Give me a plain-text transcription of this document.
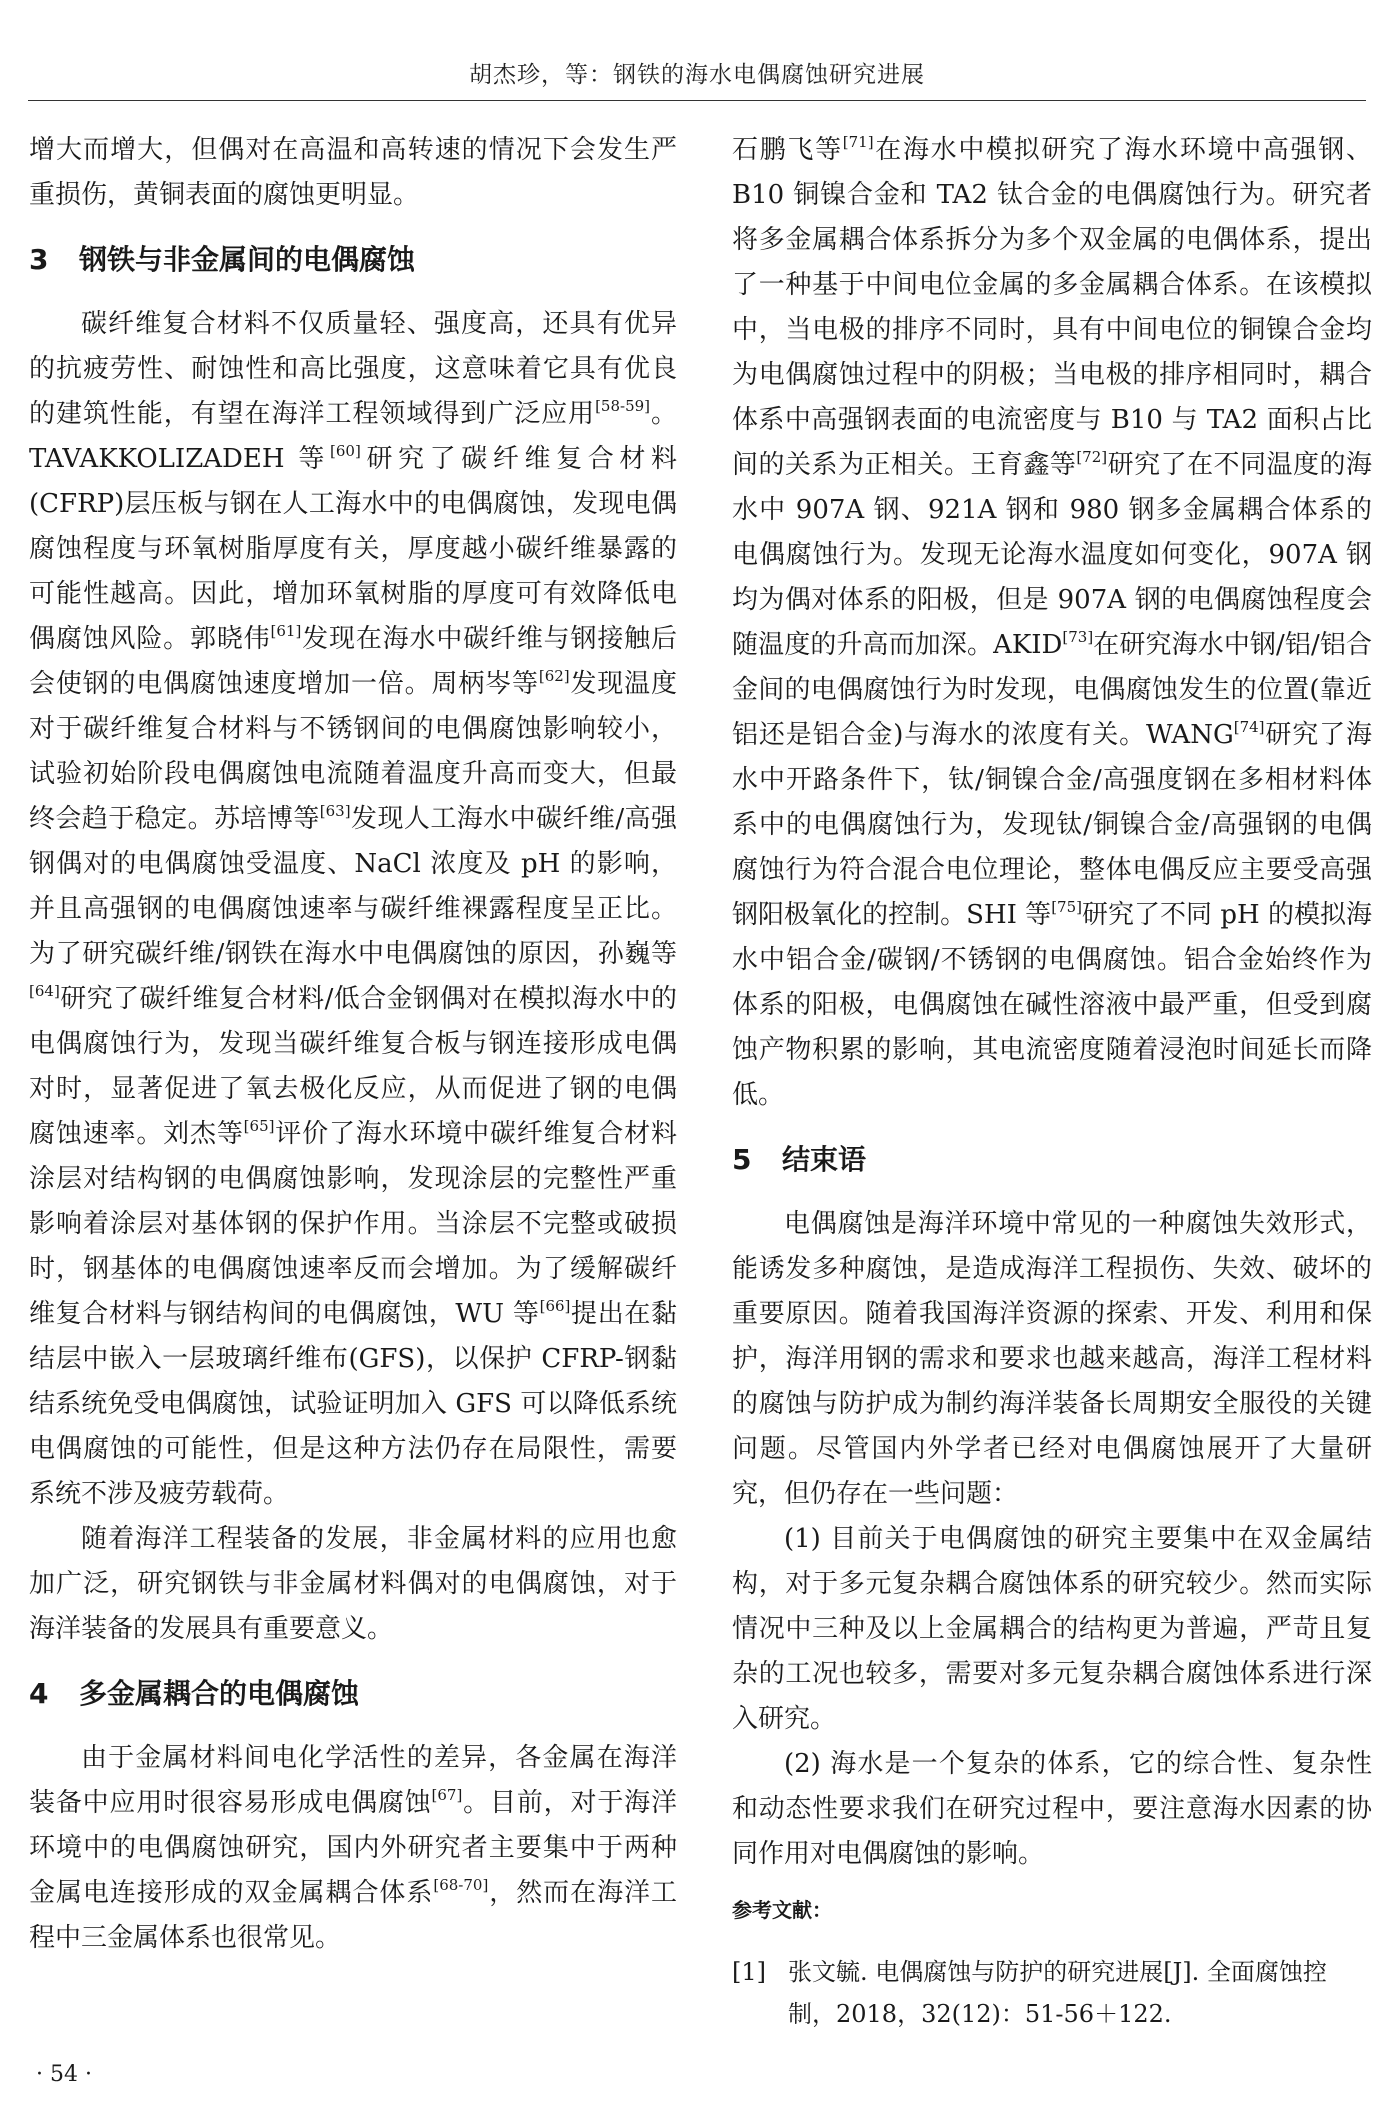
胡杰珍，等：钢铁的海水电偶腐蚀研究进展

增大而增大，但偶对在高温和高转速的情况下会发生严重损伤，黄铜表面的腐蚀更明显。

3 钢铁与非金属间的电偶腐蚀

碳纤维复合材料不仅质量轻、强度高，还具有优异的抗疲劳性、耐蚀性和高比强度，这意味着它具有优良的建筑性能，有望在海洋工程领域得到广泛应用[58-59]。TAVAKKOLIZADEH 等[60]研究了碳纤维复合材料(CFRP)层压板与钢在人工海水中的电偶腐蚀，发现电偶腐蚀程度与环氧树脂厚度有关，厚度越小碳纤维暴露的可能性越高。因此，增加环氧树脂的厚度可有效降低电偶腐蚀风险。郭晓伟[61]发现在海水中碳纤维与钢接触后会使钢的电偶腐蚀速度增加一倍。周柄岑等[62]发现温度对于碳纤维复合材料与不锈钢间的电偶腐蚀影响较小，试验初始阶段电偶腐蚀电流随着温度升高而变大，但最终会趋于稳定。苏培博等[63]发现人工海水中碳纤维/高强钢偶对的电偶腐蚀受温度、NaCl 浓度及 pH 的影响，并且高强钢的电偶腐蚀速率与碳纤维裸露程度呈正比。为了研究碳纤维/钢铁在海水中电偶腐蚀的原因，孙巍等[64]研究了碳纤维复合材料/低合金钢偶对在模拟海水中的电偶腐蚀行为，发现当碳纤维复合板与钢连接形成电偶对时，显著促进了氧去极化反应，从而促进了钢的电偶腐蚀速率。刘杰等[65]评价了海水环境中碳纤维复合材料涂层对结构钢的电偶腐蚀影响，发现涂层的完整性严重影响着涂层对基体钢的保护作用。当涂层不完整或破损时，钢基体的电偶腐蚀速率反而会增加。为了缓解碳纤维复合材料与钢结构间的电偶腐蚀，WU 等[66]提出在黏结层中嵌入一层玻璃纤维布(GFS)，以保护 CFRP-钢黏结系统免受电偶腐蚀，试验证明加入 GFS 可以降低系统电偶腐蚀的可能性，但是这种方法仍存在局限性，需要系统不涉及疲劳载荷。

随着海洋工程装备的发展，非金属材料的应用也愈加广泛，研究钢铁与非金属材料偶对的电偶腐蚀，对于海洋装备的发展具有重要意义。

4 多金属耦合的电偶腐蚀

由于金属材料间电化学活性的差异，各金属在海洋装备中应用时很容易形成电偶腐蚀[67]。目前，对于海洋环境中的电偶腐蚀研究，国内外研究者主要集中于两种金属电连接形成的双金属耦合体系[68-70]，然而在海洋工程中三金属体系也很常见。

石鹏飞等[71]在海水中模拟研究了海水环境中高强钢、B10 铜镍合金和 TA2 钛合金的电偶腐蚀行为。研究者将多金属耦合体系拆分为多个双金属的电偶体系，提出了一种基于中间电位金属的多金属耦合体系。在该模拟中，当电极的排序不同时，具有中间电位的铜镍合金均为电偶腐蚀过程中的阴极；当电极的排序相同时，耦合体系中高强钢表面的电流密度与 B10 与 TA2 面积占比间的关系为正相关。王育鑫等[72]研究了在不同温度的海水中 907A 钢、921A 钢和 980 钢多金属耦合体系的电偶腐蚀行为。发现无论海水温度如何变化，907A 钢均为偶对体系的阳极，但是 907A 钢的电偶腐蚀程度会随温度的升高而加深。AKID[73]在研究海水中钢/铝/铝合金间的电偶腐蚀行为时发现，电偶腐蚀发生的位置(靠近铝还是铝合金)与海水的浓度有关。WANG[74]研究了海水中开路条件下，钛/铜镍合金/高强度钢在多相材料体系中的电偶腐蚀行为，发现钛/铜镍合金/高强钢的电偶腐蚀行为符合混合电位理论，整体电偶反应主要受高强钢阳极氧化的控制。SHI 等[75]研究了不同 pH 的模拟海水中铝合金/碳钢/不锈钢的电偶腐蚀。铝合金始终作为体系的阳极，电偶腐蚀在碱性溶液中最严重，但受到腐蚀产物积累的影响，其电流密度随着浸泡时间延长而降低。

5 结束语

电偶腐蚀是海洋环境中常见的一种腐蚀失效形式，能诱发多种腐蚀，是造成海洋工程损伤、失效、破坏的重要原因。随着我国海洋资源的探索、开发、利用和保护，海洋用钢的需求和要求也越来越高，海洋工程材料的腐蚀与防护成为制约海洋装备长周期安全服役的关键问题。尽管国内外学者已经对电偶腐蚀展开了大量研究，但仍存在一些问题：

(1) 目前关于电偶腐蚀的研究主要集中在双金属结构，对于多元复杂耦合腐蚀体系的研究较少。然而实际情况中三种及以上金属耦合的结构更为普遍，严苛且复杂的工况也较多，需要对多元复杂耦合腐蚀体系进行深入研究。

(2) 海水是一个复杂的体系，它的综合性、复杂性和动态性要求我们在研究过程中，要注意海水因素的协同作用对电偶腐蚀的影响。

参考文献：
[1] 张文毓. 电偶腐蚀与防护的研究进展[J]. 全面腐蚀控制，2018，32(12)：51-56＋122.
· 54 ·
